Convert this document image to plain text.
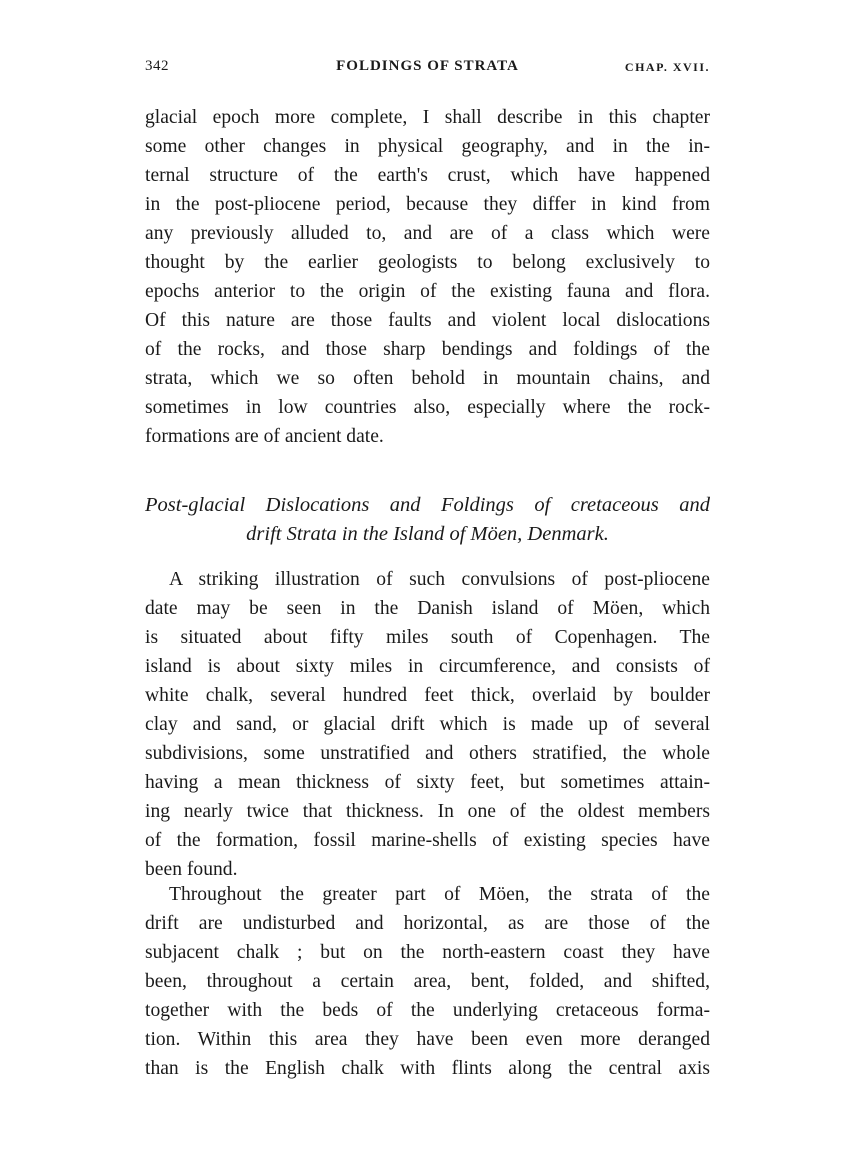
342	FOLDINGS OF STRATA	CHAP. XVII.
glacial epoch more complete, I shall describe in this chapter
some other changes in physical geography, and in the in-
ternal structure of the earth's crust, which have happened
in the post-pliocene period, because they differ in kind from
any previously alluded to, and are of a class which were
thought by the earlier geologists to belong exclusively to
epochs anterior to the origin of the existing fauna and flora.
Of this nature are those faults and violent local dislocations
of the rocks, and those sharp bendings and foldings of the
strata, which we so often behold in mountain chains, and
sometimes in low countries also, especially where the rock-
formations are of ancient date.
Post-glacial Dislocations and Foldings of cretaceous and
drift Strata in the Island of Möen, Denmark.
A striking illustration of such convulsions of post-pliocene
date may be seen in the Danish island of Möen, which
is situated about fifty miles south of Copenhagen. The
island is about sixty miles in circumference, and consists of
white chalk, several hundred feet thick, overlaid by boulder
clay and sand, or glacial drift which is made up of several
subdivisions, some unstratified and others stratified, the whole
having a mean thickness of sixty feet, but sometimes attain-
ing nearly twice that thickness. In one of the oldest members
of the formation, fossil marine-shells of existing species have
been found.
Throughout the greater part of Möen, the strata of the
drift are undisturbed and horizontal, as are those of the
subjacent chalk ; but on the north-eastern coast they have
been, throughout a certain area, bent, folded, and shifted,
together with the beds of the underlying cretaceous forma-
tion. Within this area they have been even more deranged
than is the English chalk with flints along the central axis
